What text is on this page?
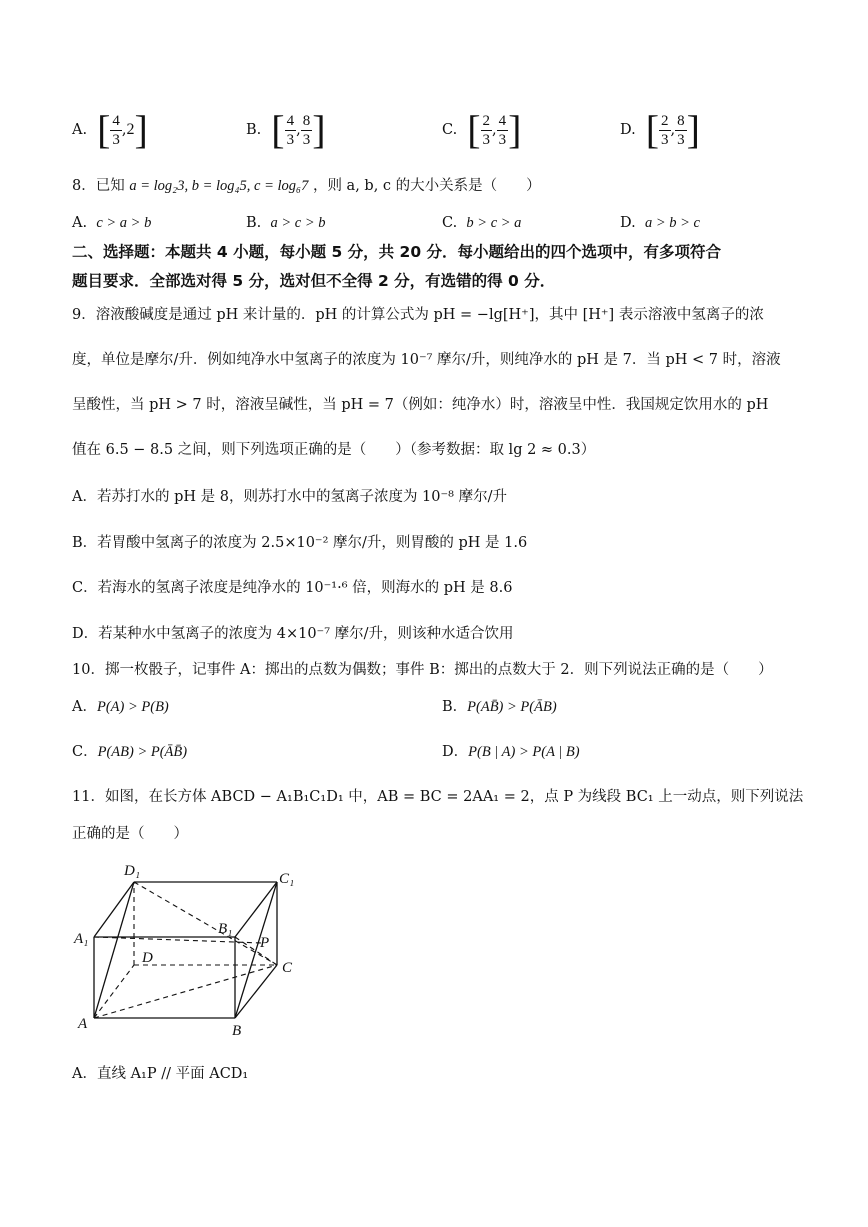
A. [ $\frac{4}{3}$ , 2 ]	B. [ $\frac{4}{3}$ , $\frac{8}{3}$ ]	C. [ $\frac{2}{3}$ , $\frac{4}{3}$ ]	D. [ $\frac{2}{3}$ , $\frac{8}{3}$ ]
8．已知 a = log₂3, b = log₄5, c = log₆7 ，则 a, b, c 的大小关系是（　　）
A. c > a > b	B. a > c > b	C. b > c > a	D. a > b > c
二、选择题：本题共 4 小题，每小题 5 分，共 20 分．每小题给出的四个选项中，有多项符合
题目要求．全部选对得 5 分，选对但不全得 2 分，有选错的得 0 分．
9．溶液酸碱度是通过 pH 来计量的．pH 的计算公式为 pH = −lg[H⁺]，其中 [H⁺] 表示溶液中氢离子的浓
度，单位是摩尔/升．例如纯净水中氢离子的浓度为 10⁻⁷ 摩尔/升，则纯净水的 pH 是 7．当 pH < 7 时，溶液
呈酸性，当 pH > 7 时，溶液呈碱性，当 pH = 7（例如：纯净水）时，溶液呈中性．我国规定饮用水的 pH
值在 6.5 − 8.5 之间，则下列选项正确的是（　　）（参考数据：取 lg 2 ≈ 0.3）
A．若苏打水的 pH 是 8，则苏打水中的氢离子浓度为 10⁻⁸ 摩尔/升
B．若胃酸中氢离子的浓度为 2.5×10⁻² 摩尔/升，则胃酸的 pH 是 1.6
C．若海水的氢离子浓度是纯净水的 10⁻¹·⁶ 倍，则海水的 pH 是 8.6
D．若某种水中氢离子的浓度为 4×10⁻⁷ 摩尔/升，则该种水适合饮用
10．掷一枚骰子，记事件 A：掷出的点数为偶数；事件 B：掷出的点数大于 2．则下列说法正确的是（　　）
A．P(A) > P(B)	B．P(AB̄) > P(ĀB)
C．P(AB) > P(ĀB̄)	D．P(B | A) > P(A | B)
11．如图，在长方体 ABCD − A₁B₁C₁D₁ 中，AB = BC = 2AA₁ = 2，点 P 为线段 BC₁ 上一动点，则下列说法
正确的是（　　）
D₁	C₁
A₁
B₁
P
D
C
A	B
A．直线 A₁P // 平面 ACD₁
